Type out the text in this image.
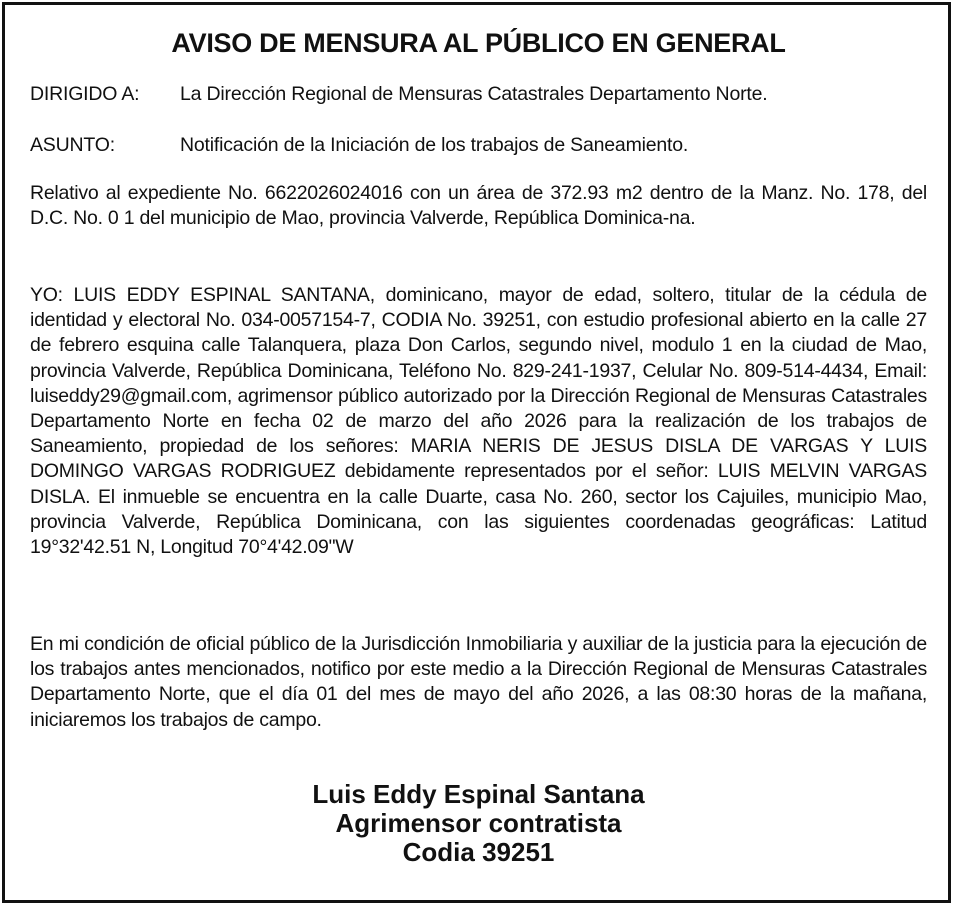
AVISO DE MENSURA AL PÚBLICO EN GENERAL
DIRIGIDO A: La Dirección Regional de Mensuras Catastrales Departamento Norte.
ASUNTO:	Notificación de la Iniciación de los trabajos de Saneamiento.
Relativo al expediente No. 6622026024016 con un área de 372.93 m2 dentro de la Manz. No. 178, del D.C. No. 0 1 del municipio de Mao, provincia Valverde, República Dominica-na.
YO: LUIS EDDY ESPINAL SANTANA, dominicano, mayor de edad, soltero, titular de la cédula de identidad y electoral No. 034-0057154-7, CODIA No. 39251, con estudio profesional abierto en la calle 27 de febrero esquina calle Talanquera, plaza Don Carlos, segundo nivel, modulo 1 en la ciudad de Mao, provincia Valverde, República Dominicana, Teléfono No. 829-241-1937, Celular No. 809-514-4434, Email: luiseddy29@gmail.com, agrimensor público autorizado por la Dirección Regional de Mensuras Catastrales Departamento Norte en fecha 02 de marzo del año 2026 para la realización de los trabajos de Saneamiento, propiedad de los señores: MARIA NERIS DE JESUS DISLA DE VARGAS Y LUIS DOMINGO VARGAS RODRIGUEZ debidamente representados por el señor: LUIS MELVIN VARGAS DISLA. El inmueble se encuentra en la calle Duarte, casa No. 260, sector los Cajuiles, municipio Mao, provincia Valverde, República Dominicana, con las siguientes coordenadas geográficas: Latitud 19°32'42.51 N, Longitud 70°4'42.09"W
En mi condición de oficial público de la Jurisdicción Inmobiliaria y auxiliar de la justicia para la ejecución de los trabajos antes mencionados, notifico por este medio a la Dirección Regional de Mensuras Catastrales Departamento Norte, que el día 01 del mes de mayo del año 2026, a las 08:30 horas de la mañana, iniciaremos los trabajos de campo.
Luis Eddy Espinal Santana
Agrimensor contratista
Codia 39251
